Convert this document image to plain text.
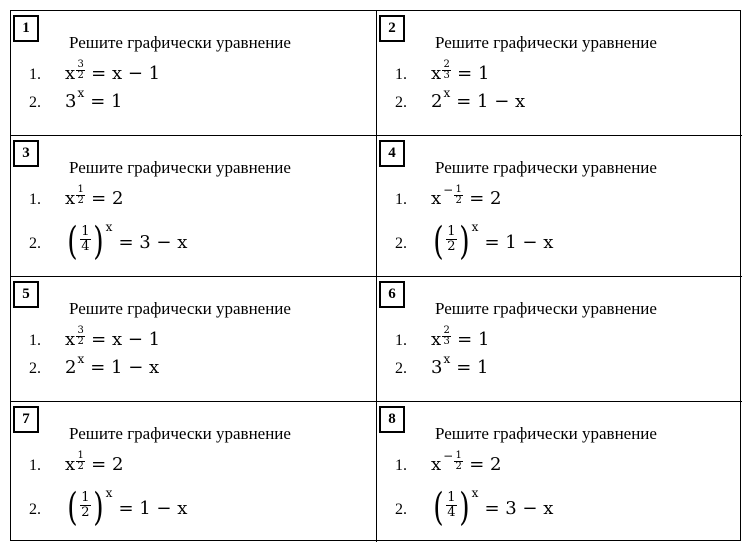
1
Решите графически уравнение
1.	x $\frac{3}{2} = x - 1$
2.	3 x = 1
2
Решите графически уравнение
1.	x $\frac{2}{3} = 1$
2.	2 x = 1 − x
3
Решите графически уравнение
1.	x $\frac{1}{2} = 2$
2. ( $\frac{1}{4}$ ) x
= 3 − x
4
Решите графически уравнение
1.	$x - \frac{1}{2} = 2$
2. ( $\frac{1}{2}$ ) x
= 1 − x
5
Решите графически уравнение
1.	x $\frac{3}{2} = x - 1$
2.	2 x = 1 − x
6
Решите графически уравнение
1.	x $\frac{2}{3} = 1$
2.	3 x = 1
7
Решите графически уравнение
1.	x $\frac{1}{2} = 2$
2. ( $\frac{1}{2}$ ) x
= 1 − x
8
Решите графически уравнение
1.	$x - \frac{1}{2} = 2$
2. ( $\frac{1}{4}$ ) x
= 3 − x
